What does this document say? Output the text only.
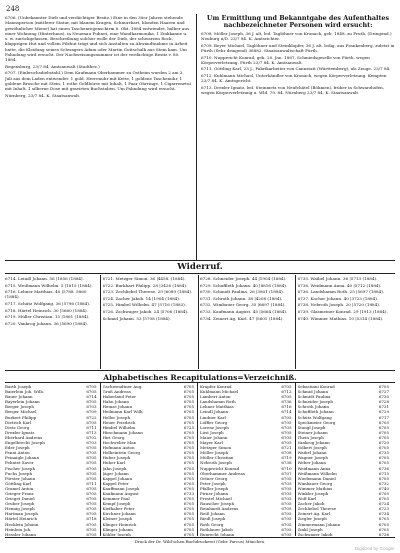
248

6706. (Unbekannter Dieb und verdächtiger Besitz.) Eine in den 30er Jahren stehende Mannsperson (mittlerer Statur, mit blauem Kragen, Schnurrbart, blonden Haaren und gewöhnlicher Miene) hat einen Taschenregenschirm 6. Okt. 1884 entwendet, halber aus einer Wohnung (Hinterhaus), in Neuenau Fuhnet, eine Wandharmonika, 1 Zinkkanne u. s. w. zurückgelassen. Beschreibung solcher wolle der Dieb, der schwarzen Rock, klapprigen Hut und vollem Filzhut trägt und sich Anstalten zu Abwandtnahme in Arbeit hatte, die Kleidung seines Schwagers Adam oder Martin Gottschalk aus Stein kam. Um Fahndung wird ersucht. Der Nachweisungsnummer ist der verdächtige Besitz v. 80. 1884.

Regensburg, 23/7 84. Amtsanwalt (Stadtbez.)

6707. (Einbruchsdiebstahl.) Dem Kaufmann Oberhammer zu Ostheim wurden 2 am 3. Juli aus dem Laden entwendet: 1 gold. Herrenuhr mit Kette, 1 goldene Taschenuhr, 1 goldene Brosche mit Stein, 1 rothe Geldbörse mit Inhalt, 1 Paar Ohrringe, 1 Cigarrenetui mit Inhalt, 1 silberne Dose mit gravirten Buchstaben. Um Fahndung wird ersucht.

Nürnberg, 23/7 84. K. Staatsanwalt.

Um Ermittlung und Bekanntgabe des Aufenthaltes nachbezeichneter Personen wird ersucht:

6708. Möller Joseph, 36 J. alt, led. Taglöhner von Kronach, geb. 1848, zu Fruth, (Dringend.) Neuburg a/D. 23/7 84. K. Amtsrichter.

6709. Beyer Michael, Taglöhner und Steinklopfer, 36 J. alt, ledig, aus Frankenberg, zuletzt in Fürth (Sehr dringend) 36882. Staatsanwaltschaft Fürth.

6710. Nuppreicht Konrad, geb. 20. Jan. 1867, Schmiedsgeselle von Fürth, wegen Körperverletzung. Fürth 23/7 84. K. Amtsanwalt.

6711. Göttling Karl, 23 J., Fabrikarbeiter von Cannstatt (Württemberg), als Zeuge. 23/7 84.

6712. Kuhlmann Michael, Unterhändler von Kronach, wegen Körperverletzung. Kempten 23/7 84. K. Amtsgericht.

6713. Drexler Ignatz, led. Steinmetz von Neufchâtel (Böhmen), früher in Schwarzhofen, wegen Körperverletzung u. Wld. 79. 84. Nürnberg 23/7 84. K. Staatsanwalt.

Widerruf.
6714. Leindl Johann. 56 |1856 (1884).
6715. Weißmann Wilhelm. 5 |1815 (1884).
6716. Lehner Matthias. 40 |5788. 5860 (1884).
6717. Schütz Wolfgang. 36 |5796 (1884).
6718. Härtel Heinrich. 30 |5660 (1884).
6719. Müller Christian. 15 |1861 (1884).
6720. Vankrog Johann. 36 |5690 (1884).
6721. Metzger Simon. 36 |4458. (1884).
6722. Burkhart Philipp. 28 |3426 (1884).
6723. Zechliebel Therese. 29 |6089 (1884).
6724. Zacher Jakob. 14 |1904 (1884).
6725. Himbel Wilhelm. 47 |5716 (1883).
6726. Zschwager Jakob. 24 |5706 (1884).
Schmid Johann. 53 |5708 (1884).
6728. Schneider Joseph. 44 |1904 (1884).
6729. Schuffleth Johann. 40 |8816 (1884).
6730. Schmidt Paulina. 26 |3801 (1884).
6731. Schroth Johann. 38 |4208 (1884).
6732. Wimbauer Georg. 35 |6697 (1884).
6733. Kaufmann August. 45 |5664 (1884).
6734. Zeinert Ag. Karl. 47 |5601 (1884).
6735. Waibel Johann. 36 |5713 (1884).
6736. Weidmann Anna. 40 |5712 (1884).
6736. Landshamm Roth. 25 |5697 (1884).
6737. Kocher Johann. 40 |3723 (1884).
6738. Nebroth Joseph. 20 |5720 (1884).
6739. Glasmeiner Konrad. 29 |1913 (1884).
6740. Wimmer Mathias. 10 |5314 (1884).
Alphabetisches Recapitulations=Verzeichniß.
Barth Joseph	6705
Baierlein Joh. Wilh.	6705
Bauer Johann	6714
Bayerlein Johann	6705
Berger Joseph	6703
Berger Michael	6709
Burkert Philipp	6722
Dietrich Karl	6705
Dietz Georg	6711
Drexler Ignatz	6713
Eberhard Andreas	6702
Engelbrecht Joseph	6703
Eder Joseph	6705
Fenni Anton	6705
Feinaigle Johann	6705
Fehntet Xaver	6705
Fischer Joseph	6705
Fuchs Joseph	6705
Förster Johann	6705
Göttling Karl	6711
Gramel Anton	6705
Grieger Franz	6705
Grieget Daniel	6705
Gruber Joseph	6705
Hennig Joseph	6705
Hartman Joseph	6705
Härtel Heinrich	6718
Hecklein Johann	6705
Heinlein Joh.	6705
Hessler Johann	6705
Gschwendtner Aug.	6705
Gruß Andreas	6705
Haberland Peter	6705
Hahn Johann	6705
Heinze Johann	6705
Heilmann Karl Wilh.	6705
Heller Joseph	6705
Heuer Friedrich	6705
Himbel Wilhelm	6725
Hirschmann Johann	6705
Hirt Georg	6705
Hochweber Max	6705
Hofmann Anton	6705
Holbeintein Georg	6705
Huber Joseph	6705
Huber Karl	6705
Jahn Joseph	6705
Jäger Johann	6705
Kappel Johann	6705
Kappel Peter	6705
Kauffmann Joseph	6705
Kaufmann August	6733
Kemmer Paul	6705
Kempf Joseph	6705
Kiefhaber Peter	6705
Kirchner Johann	6705
Kleiner Joseph	6705
Klinger Heinrich	6705
Klinger Johann	6705
Köhler Joseph	6705
Krapfer Konrad	6705
Kuhlmann Michael	6712
Lambert Anton	6705
Landshamm Roth	6736
Lehner Matthias	6716
Leindl Johann	6714
Lindner Karl	6705
Löffler Georg	6705
Lorenz Joseph	6705
Lüst Joseph	6705
Maier Johann	6705
Mayer Karl	6705
Metzger Simon	6721
Möller Joseph	6708
Müller Christian	6719
Nebroth Joseph	6738
Nuppreicht Konrad	6710
Oberhammer Andreas	6707
Ortner Georg	6705
Peter Joseph	6705
Pfaller Joseph	6705
Pirner Johann	6705
Prestel Michael	6705
Rauscher Joseph	6705
Reinhardt Andreas	6705
Reiß Johann	6705
Riedl Joseph	6705
Roth Georg	6705
Rothlauer Jakob	6705
Ruprecht Johann	6705
Sebastiani Konrad	6705
Schmid Johann	6727
Schmidt Paulina	6730
Schneider Joseph	6728
Schroth Johann	6731
Schuffleth Johann	6729
Schütz Wolfgang	6717
Speckmeier Georg	6705
Stangl Joseph	6705
Steiner Johann	6705
Thein Joseph	6705
Vankrog Johann	6720
Volkert Joseph	6705
Waibel Johann	6735
Wagner Joseph	6705
Weber Johann	6705
Weidmann Anna	6736
Weißmann Wilhelm	6715
Wiedemann Daniel	6705
Wimbauer Georg	6732
Wimmer Mathias	6740
Winkler Joseph	6705
Wolf Karl	6705
Zacher Jakob	6724
Zechliebel Therese	6723
Zeinert Ag. Karl	6734
Ziegler Joseph	6705
Zimmermann Johann	6705
Zinkl Joseph	6705
Zschwager Jakob	6726
Druck der Dr. Wild'schen Buchdruckerei (Gebr. Parcus) München.
Digitized by Google
